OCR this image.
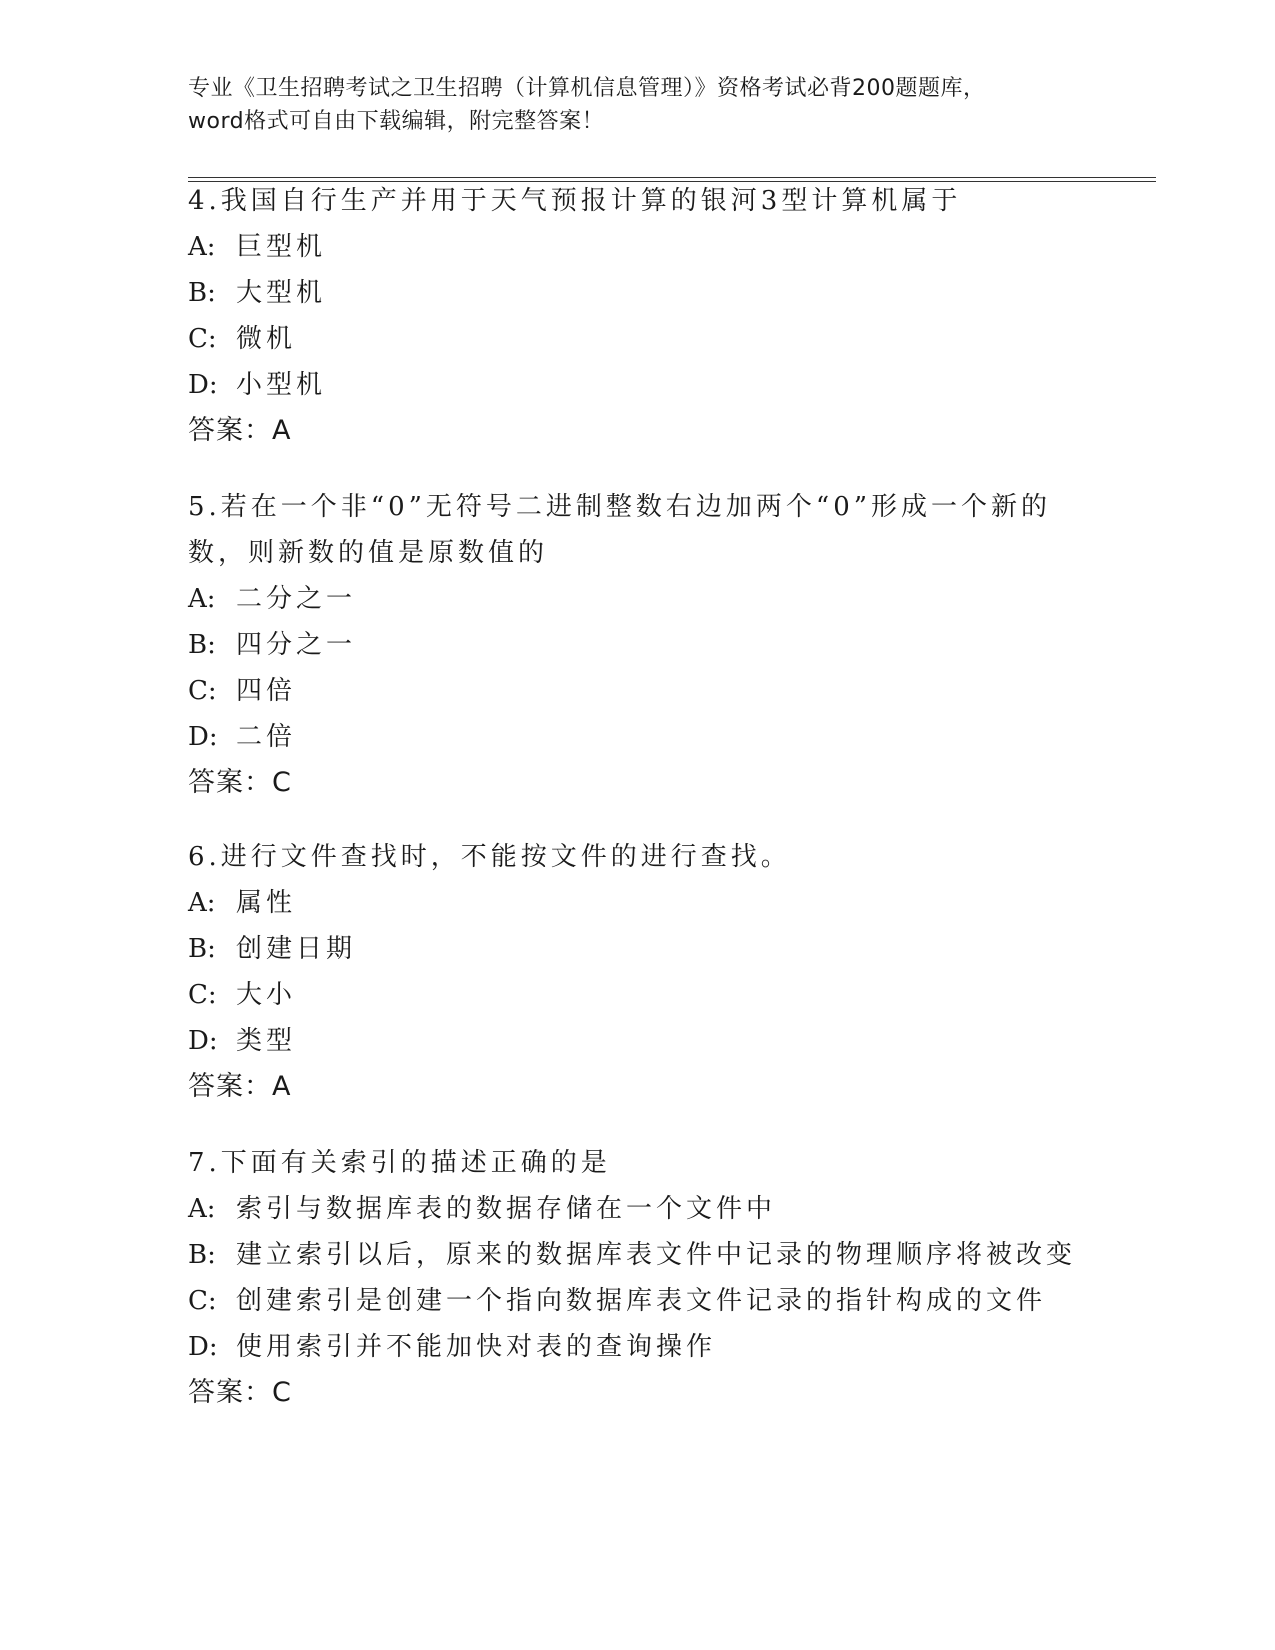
专业《卫生招聘考试之卫生招聘（计算机信息管理）》资格考试必背200题题库，
word格式可自由下载编辑，附完整答案！
4.我国自行生产并用于天气预报计算的银河3型计算机属于
A: 巨型机
B: 大型机
C: 微机
D: 小型机
答案：A
5.若在一个非“0”无符号二进制整数右边加两个“0”形成一个新的
数，则新数的值是原数值的
A: 二分之一
B: 四分之一
C: 四倍
D: 二倍
答案：C
6.进行文件查找时，不能按文件的进行查找。
A: 属性
B: 创建日期
C: 大小
D: 类型
答案：A
7.下面有关索引的描述正确的是
A: 索引与数据库表的数据存储在一个文件中
B: 建立索引以后，原来的数据库表文件中记录的物理顺序将被改变
C: 创建索引是创建一个指向数据库表文件记录的指针构成的文件
D: 使用索引并不能加快对表的查询操作
答案：C
